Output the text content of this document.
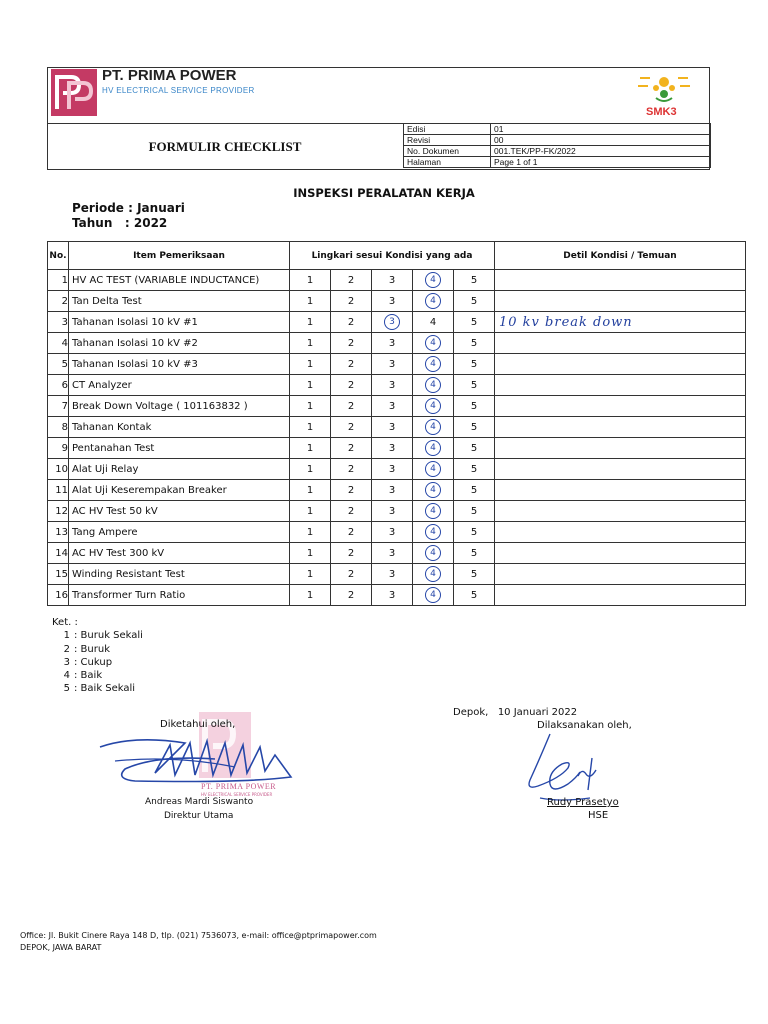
PT. PRIMA POWER
HV ELECTRICAL SERVICE PROVIDER
SMK3
FORMULIR CHECKLIST
Edisi	01
Revisi	00
No. Dokumen	001.TEK/PP-FK/2022
Halaman	Page 1 of 1
INSPEKSI PERALATAN KERJA
Periode : Januari
Tahun   : 2022
No.	Item Pemeriksaan	Lingkari sesui Kondisi yang ada					Detil Kondisi / Temuan
1	HV AC TEST (VARIABLE INDUCTANCE)	1	2	3	4	5	
2	Tan Delta Test	1	2	3	4	5	
3	Tahanan Isolasi 10 kV #1	1	2	3	4	5	10 kv break down
4	Tahanan Isolasi 10 kV #2	1	2	3	4	5	
5	Tahanan Isolasi 10 kV #3	1	2	3	4	5	
6	CT Analyzer	1	2	3	4	5	
7	Break Down Voltage ( 101163832 )	1	2	3	4	5	
8	Tahanan Kontak	1	2	3	4	5	
9	Pentanahan Test	1	2	3	4	5	
10	Alat Uji Relay	1	2	3	4	5	
11	Alat Uji Keserempakan Breaker	1	2	3	4	5	
12	AC HV Test 50 kV	1	2	3	4	5	
13	Tang Ampere	1	2	3	4	5	
14	AC HV Test 300 kV	1	2	3	4	5	
15	Winding Resistant Test	1	2	3	4	5	
16	Transformer Turn Ratio	1	2	3	4	5	
Ket. :
1 : Buruk Sekali
2 : Buruk
3 : Cukup
4 : Baik
5 : Baik Sekali
Diketahui oleh,
PT. PRIMA POWER
HV ELECTRICAL SERVICE PROVIDER
Andreas Mardi Siswanto
Direktur Utama
Depok,   10 Januari 2022
Dilaksanakan oleh,
Rudy Prasetyo
HSE
Office: Jl. Bukit Cinere Raya 148 D, tlp. (021) 7536073, e-mail: office@ptprimapower.com
DEPOK, JAWA BARAT
